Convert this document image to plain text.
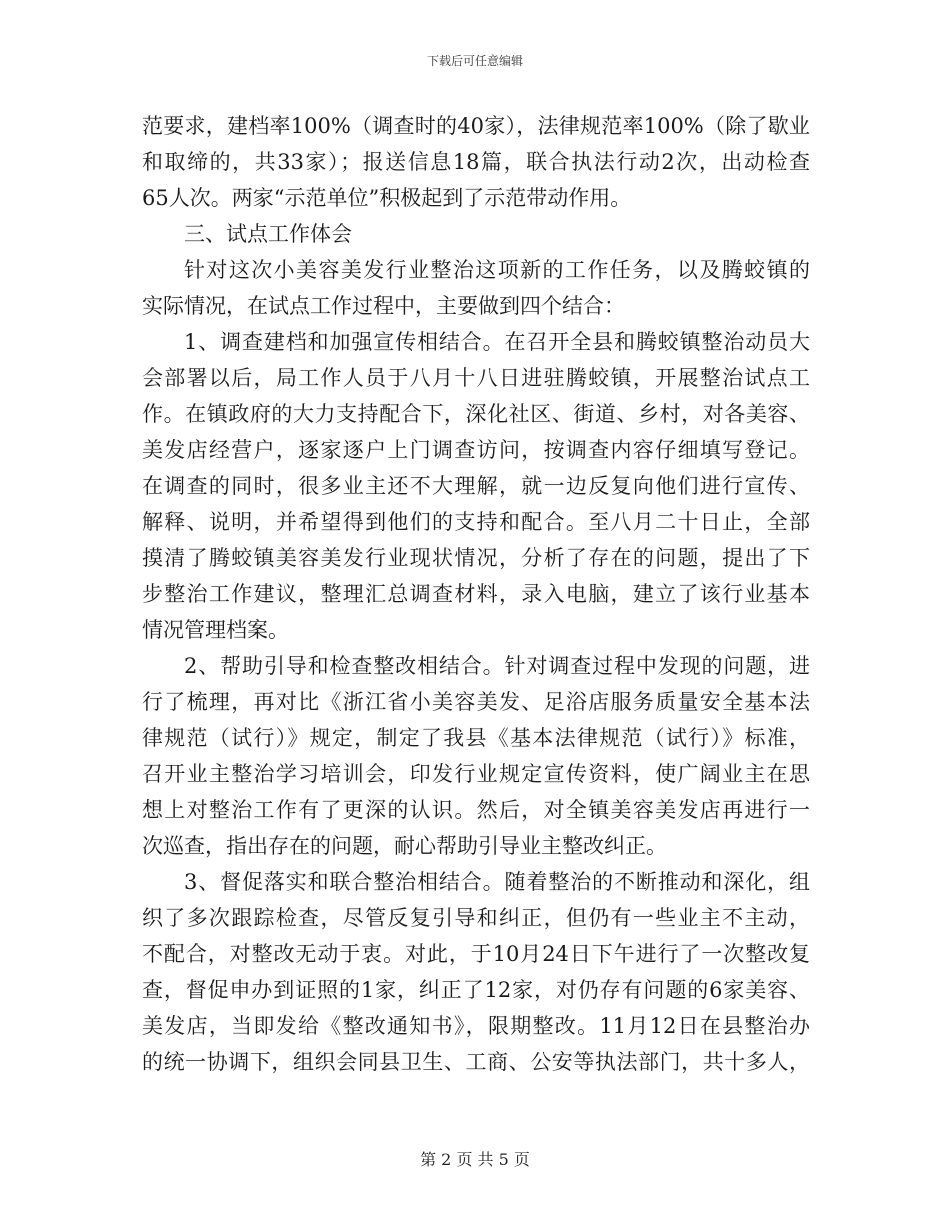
下载后可任意编辑
范要求，建档率100%（调查时的40家），法律规范率100%（除了歇业
和取缔的，共33家）；报送信息18篇，联合执法行动2次，出动检查
65人次。两家“示范单位”积极起到了示范带动作用。
三、试点工作体会
针对这次小美容美发行业整治这项新的工作任务，以及腾蛟镇的
实际情况，在试点工作过程中，主要做到四个结合：
1、调查建档和加强宣传相结合。在召开全县和腾蛟镇整治动员大
会部署以后，局工作人员于八月十八日进驻腾蛟镇，开展整治试点工
作。在镇政府的大力支持配合下，深化社区、街道、乡村，对各美容、
美发店经营户，逐家逐户上门调查访问，按调查内容仔细填写登记。
在调查的同时，很多业主还不大理解，就一边反复向他们进行宣传、
解释、说明，并希望得到他们的支持和配合。至八月二十日止，全部
摸清了腾蛟镇美容美发行业现状情况，分析了存在的问题，提出了下
步整治工作建议，整理汇总调查材料，录入电脑，建立了该行业基本
情况管理档案。
2、帮助引导和检查整改相结合。针对调查过程中发现的问题，进
行了梳理，再对比《浙江省小美容美发、足浴店服务质量安全基本法
律规范（试行）》规定，制定了我县《基本法律规范（试行）》标准，
召开业主整治学习培训会，印发行业规定宣传资料，使广阔业主在思
想上对整治工作有了更深的认识。然后，对全镇美容美发店再进行一
次巡查，指出存在的问题，耐心帮助引导业主整改纠正。
3、督促落实和联合整治相结合。随着整治的不断推动和深化，组
织了多次跟踪检查，尽管反复引导和纠正，但仍有一些业主不主动，
不配合，对整改无动于衷。对此，于10月24日下午进行了一次整改复
查，督促申办到证照的1家，纠正了12家，对仍存有问题的6家美容、
美发店，当即发给《整改通知书》，限期整改。11月12日在县整治办
的统一协调下，组织会同县卫生、工商、公安等执法部门，共十多人，
第 2 页 共 5 页
